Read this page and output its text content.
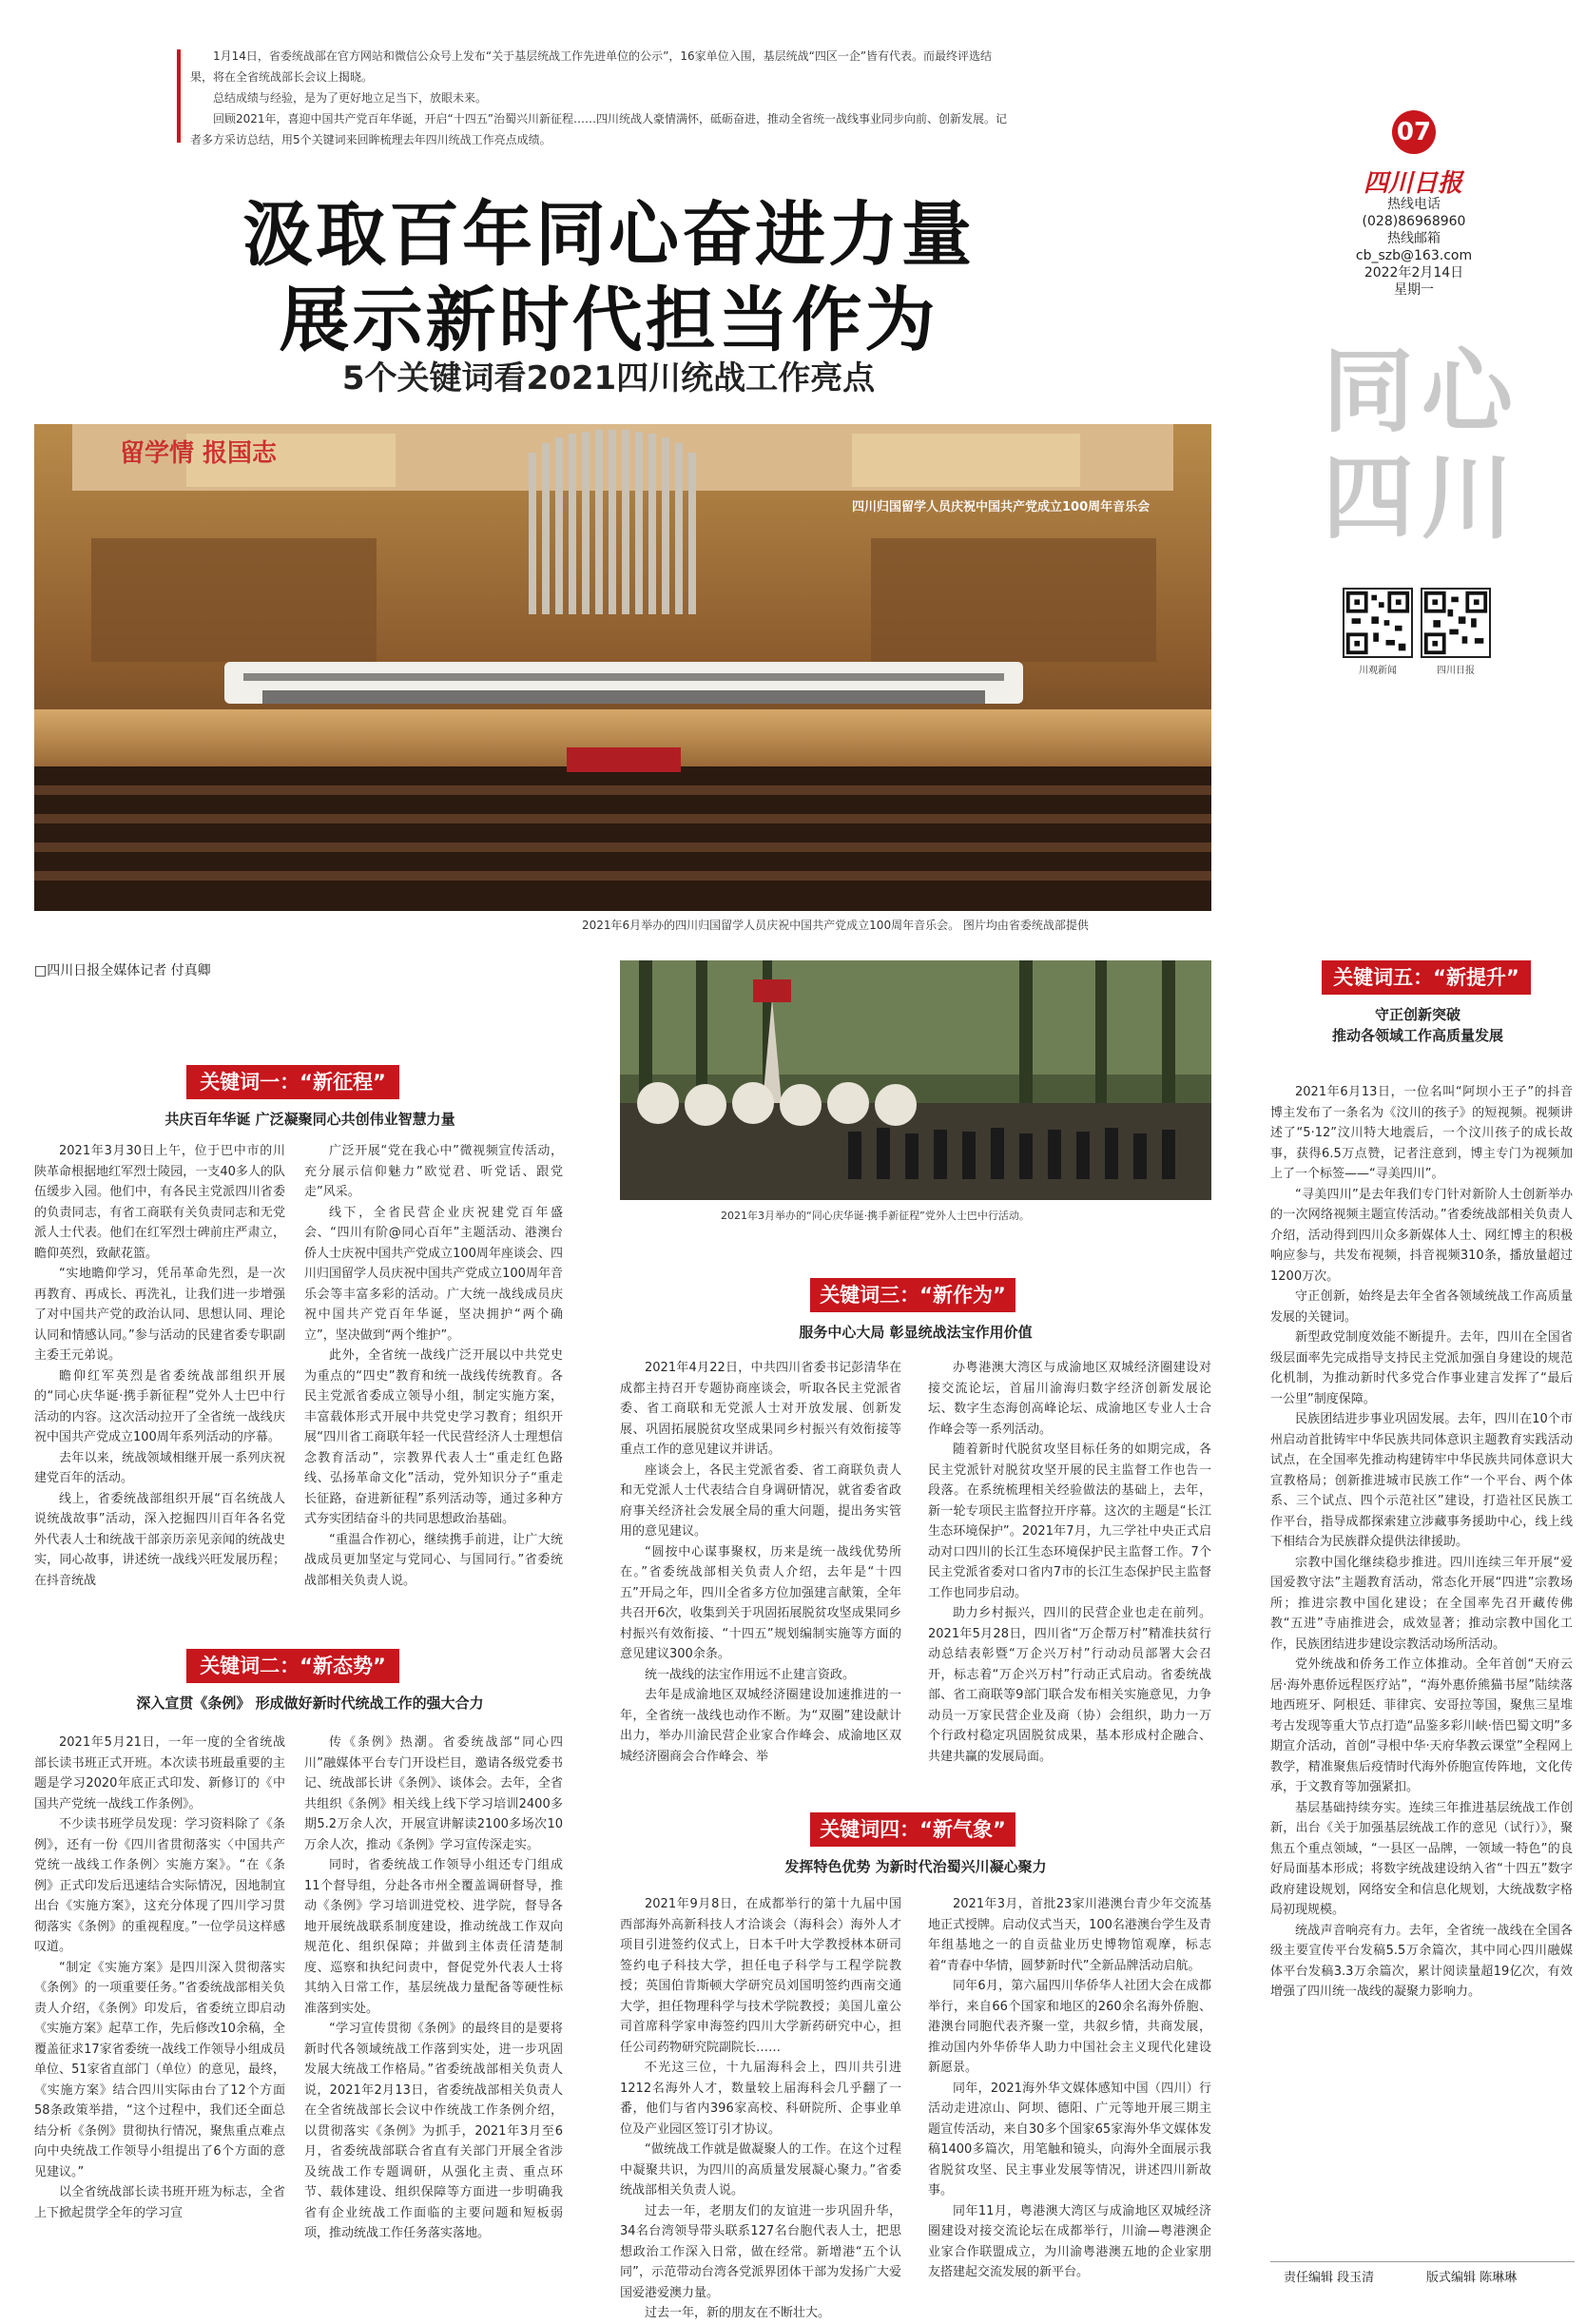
1月14日，省委统战部在官方网站和微信公众号上发布“关于基层统战工作先进单位的公示”，16家单位入围，基层统战“四区一企”皆有代表。而最终评选结果，将在全省统战部长会议上揭晓。

总结成绩与经验，是为了更好地立足当下，放眼未来。

回顾2021年，喜迎中国共产党百年华诞，开启“十四五”治蜀兴川新征程……四川统战人豪情满怀，砥砺奋进，推动全省统一战线事业同步向前、创新发展。记者多方采访总结，用5个关键词来回眸梳理去年四川统战工作亮点成绩。	07
四川日报
热线电话
(028)86968960
热线邮箱
cb_szb@163.com
2022年2月14日
星期一
同心
四川
川观新闻	四川日报
汲取百年同心奋进力量
展示新时代担当作为
5个关键词看2021四川统战工作亮点
留学情 报国志
四川归国留学人员庆祝中国共产党成立100周年音乐会
2021年6月举办的四川归国留学人员庆祝中国共产党成立100周年音乐会。 图片均由省委统战部提供
□四川日报全媒体记者 付真卿
关键词一：“新征程”
共庆百年华诞 广泛凝聚同心共创伟业智慧力量

2021年3月30日上午，位于巴中市的川陕革命根据地红军烈士陵园，一支40多人的队伍缓步入园。他们中，有各民主党派四川省委的负责同志，有省工商联有关负责同志和无党派人士代表。他们在红军烈士碑前庄严肃立，瞻仰英烈，致献花篮。

“实地瞻仰学习，凭吊革命先烈，是一次再教育、再成长、再洗礼，让我们进一步增强了对中国共产党的政治认同、思想认同、理论认同和情感认同。”参与活动的民建省委专职副主委王元弟说。

瞻仰红军英烈是省委统战部组织开展的“同心庆华诞·携手新征程”党外人士巴中行活动的内容。这次活动拉开了全省统一战线庆祝中国共产党成立100周年系列活动的序幕。

去年以来，统战领域相继开展一系列庆祝建党百年的活动。

线上，省委统战部组织开展“百名统战人说统战故事”活动，深入挖掘四川百年各名党外代表人士和统战干部亲历亲见亲闻的统战史实，同心故事，讲述统一战线兴旺发展历程；在抖音统战

广泛开展“党在我心中”微视频宣传活动，充分展示信仰魅力”欧觉君、听党话、跟党走”风采。

线下，全省民营企业庆祝建党百年盛会、“四川有阶@同心百年”主题活动、港澳台侨人士庆祝中国共产党成立100周年座谈会、四川归国留学人员庆祝中国共产党成立100周年音乐会等丰富多彩的活动。广大统一战线成员庆祝中国共产党百年华诞，坚决拥护“两个确立”，坚决做到“两个维护”。

此外，全省统一战线广泛开展以中共党史为重点的“四史”教育和统一战线传统教育。各民主党派省委成立领导小组，制定实施方案，丰富载体形式开展中共党史学习教育；组织开展“四川省工商联年轻一代民营经济人士理想信念教育活动”，宗教界代表人士“重走红色路线、弘扬革命文化”活动，党外知识分子“重走长征路，奋进新征程”系列活动等，通过多种方式夯实团结奋斗的共同思想政治基础。

“重温合作初心，继续携手前进，让广大统战成员更加坚定与党同心、与国同行。”省委统战部相关负责人说。

关键词二：“新态势”
深入宣贯《条例》 形成做好新时代统战工作的强大合力

2021年5月21日，一年一度的全省统战部长读书班正式开班。本次读书班最重要的主题是学习2020年底正式印发、新修订的《中国共产党统一战线工作条例》。

不少读书班学员发现：学习资料除了《条例》，还有一份《四川省贯彻落实〈中国共产党统一战线工作条例〉实施方案》。“在《条例》正式印发后迅速结合实际情况，因地制宜出台《实施方案》，这充分体现了四川学习贯彻落实《条例》的重视程度。”一位学员这样感叹道。

“制定《实施方案》是四川深入贯彻落实《条例》的一项重要任务。”省委统战部相关负责人介绍，《条例》印发后，省委统立即启动《实施方案》起草工作，先后修改10余稿，全覆盖征求17家省委统一战线工作领导小组成员单位、51家省直部门（单位）的意见，最终，《实施方案》结合四川实际由台了12个方面58条政策举措，“这个过程中，我们还全面总结分析《条例》贯彻执行情况，聚焦重点难点向中央统战工作领导小组提出了6个方面的意见建议。”

以全省统战部长读书班开班为标志，全省上下掀起贯学全年的学习宣

传《条例》热潮。省委统战部“同心四川”融媒体平台专门开设栏目，邀请各级党委书记、统战部长讲《条例》、谈体会。去年，全省共组织《条例》相关线上线下学习培训2400多期5.2万余人次，开展宣讲解读2100多场次10万余人次，推动《条例》学习宣传深走实。

同时，省委统战工作领导小组还专门组成11个督导组，分赴各市州全覆盖调研督导，推动《条例》学习培训进党校、进学院，督导各地开展统战联系制度建设，推动统战工作双向规范化、组织保障；并做到主体责任清楚制度、巡察和执纪问责中，督促党外代表人士将其纳入日常工作，基层统战力量配备等硬性标准落到实处。

“学习宣传贯彻《条例》的最终目的是要将新时代各领域统战工作落到实处，进一步巩固发展大统战工作格局。”省委统战部相关负责人说，2021年2月13日，省委统战部相关负责人在全省统战部长会议中作统战工作条例介绍，以贯彻落实《条例》为抓手，2021年3月至6月，省委统战部联合省直有关部门开展全省涉及统战工作专题调研，从强化主责、重点环节、载体建设、组织保障等方面进一步明确我省有企业统战工作面临的主要问题和短板弱项，推动统战工作任务落实落地。

2021年3月举办的“同心庆华诞·携手新征程”党外人士巴中行活动。
关键词三：“新作为”
服务中心大局 彰显统战法宝作用价值

2021年4月22日，中共四川省委书记彭清华在成都主持召开专题协商座谈会，听取各民主党派省委、省工商联和无党派人士对开放发展、创新发展、巩固拓展脱贫攻坚成果同乡村振兴有效衔接等重点工作的意见建议并讲话。

座谈会上，各民主党派省委、省工商联负责人和无党派人士代表结合自身调研情况，就省委省政府事关经济社会发展全局的重大问题，提出务实管用的意见建议。

“圆按中心谋事聚权，历来是统一战线优势所在。”省委统战部相关负责人介绍，去年是“十四五”开局之年，四川全省多方位加强建言献策，全年共召开6次，收集到关于巩固拓展脱贫攻坚成果同乡村振兴有效衔接、“十四五”规划编制实施等方面的意见建议300余条。

统一战线的法宝作用远不止建言资政。

去年是成渝地区双城经济圈建设加速推进的一年，全省统一战线也动作不断。为“双圈”建设献计出力，举办川渝民营企业家合作峰会、成渝地区双城经济圈商会合作峰会、举

办粤港澳大湾区与成渝地区双城经济圈建设对接交流论坛，首届川渝海归数字经济创新发展论坛、数字生态海创高峰论坛、成渝地区专业人士合作峰会等一系列活动。

随着新时代脱贫攻坚目标任务的如期完成，各民主党派针对脱贫攻坚开展的民主监督工作也告一段落。在系统梳理相关经验做法的基础上，去年，新一轮专项民主监督拉开序幕。这次的主题是“长江生态环境保护”。2021年7月，九三学社中央正式启动对口四川的长江生态环境保护民主监督工作。7个民主党派省委对口省内7市的长江生态保护民主监督工作也同步启动。

助力乡村振兴，四川的民营企业也走在前列。2021年5月28日，四川省“万企帮万村”精准扶贫行动总结表彰暨“万企兴万村”行动动员部署大会召开，标志着“万企兴万村”行动正式启动。省委统战部、省工商联等9部门联合发布相关实施意见，力争动员一万家民营企业及商（协）会组织，助力一万个行政村稳定巩固脱贫成果，基本形成村企融合、共建共赢的发展局面。

关键词四：“新气象”
发挥特色优势 为新时代治蜀兴川凝心聚力

2021年9月8日，在成都举行的第十九届中国西部海外高新科技人才洽谈会（海科会）海外人才项目引进签约仪式上，日本千叶大学教授林本研司签约电子科技大学，担任电子科学与工程学院教授；英国伯肯斯顿大学研究员刘国明签约西南交通大学，担任物理科学与技术学院教授；美国儿童公司首席科学家申海签约四川大学新药研究中心，担任公司药物研究院副院长……

不光这三位，十九届海科会上，四川共引进1212名海外人才，数量较上届海科会几乎翻了一番，他们与省内396家高校、科研院所、企事业单位及产业园区签订引才协议。

“做统战工作就是做凝聚人的工作。在这个过程中凝聚共识，为四川的高质量发展凝心聚力。”省委统战部相关负责人说。

过去一年，老朋友们的友谊进一步巩固升华，34名台湾领导带头联系127名台胞代表人士，把思想政治工作深入日常，做在经常。新增港“五个认同”，示范带动台湾各党派界团体干部为发扬广大爱国爱港爱澳力量。

过去一年，新的朋友在不断壮大。

2021年3月，首批23家川港澳台青少年交流基地正式授牌。启动仪式当天，100名港澳台学生及青年组基地之一的自贡盐业历史博物馆观摩，标志着“青春中华情，圆梦新时代”全新品牌活动启航。

同年6月，第六届四川华侨华人社团大会在成都举行，来自66个国家和地区的260余名海外侨胞、港澳台同胞代表齐聚一堂，共叙乡情，共商发展，推动国内外华侨华人助力中国社会主义现代化建设新愿景。

同年，2021海外华文媒体感知中国（四川）行活动走进凉山、阿坝、德阳、广元等地开展三期主题宣传活动，来自30多个国家65家海外华文媒体发稿1400多篇次，用笔触和镜头，向海外全面展示我省脱贫攻坚、民主事业发展等情况，讲述四川新故事。

同年11月，粤港澳大湾区与成渝地区双城经济圈建设对接交流论坛在成都举行，川渝—粤港澳企业家合作联盟成立，为川渝粤港澳五地的企业家朋友搭建起交流发展的新平台。

关键词五：“新提升”
守正创新突破
推动各领域工作高质量发展

2021年6月13日，一位名叫“阿坝小王子”的抖音博主发布了一条名为《汶川的孩子》的短视频。视频讲述了“5·12”汶川特大地震后，一个汶川孩子的成长故事，获得6.5万点赞，记者注意到，博主专门为视频加上了一个标签——“寻美四川”。

“寻美四川”是去年我们专门针对新阶人士创新举办的一次网络视频主题宣传活动。”省委统战部相关负责人介绍，活动得到四川众多新媒体人士、网红博主的积极响应参与，共发布视频，抖音视频310条，播放量超过1200万次。

守正创新，始终是去年全省各领域统战工作高质量发展的关键词。

新型政党制度效能不断提升。去年，四川在全国省级层面率先完成指导支持民主党派加强自身建设的规范化机制，为推动新时代多党合作事业建言发挥了“最后一公里”制度保障。

民族团结进步事业巩固发展。去年，四川在10个市州启动首批铸牢中华民族共同体意识主题教育实践活动试点，在全国率先推动构建铸牢中华民族共同体意识大宣教格局；创新推进城市民族工作“一个平台、两个体系、三个试点、四个示范社区”建设，打造社区民族工作平台，指导成都探索建立涉藏事务援助中心，线上线下相结合为民族群众提供法律援助。

宗教中国化继续稳步推进。四川连续三年开展“爱国爱教守法”主题教育活动，常态化开展“四进”宗教场所；推进宗教中国化建设；在全国率先召开藏传佛教“五进”寺庙推进会，成效显著；推动宗教中国化工作，民族团结进步建设宗教活动场所活动。

党外统战和侨务工作立体推动。全年首创“天府云居·海外惠侨远程医疗站”，“海外惠侨熊猫书屋”陆续落地西班牙、阿根廷、菲律宾、安哥拉等国，聚焦三星堆考古发现等重大节点打造“品鉴多彩川峡·悟巴蜀文明”多期宣介活动，首创“寻根中华·天府华教云课堂”全程网上教学，精准聚焦后疫情时代海外侨胞宣传阵地，文化传承，于文教育等加强紧扣。

基层基础持续夯实。连续三年推进基层统战工作创新，出台《关于加强基层统战工作的意见（试行）》，聚焦五个重点领域，“一县区一品牌，一领域一特色”的良好局面基本形成；将数字统战建设纳入省“十四五”数字政府建设规划，网络安全和信息化规划，大统战数字格局初现规模。

统战声音响亮有力。去年，全省统一战线在全国各级主要宣传平台发稿5.5万余篇次，其中同心四川融媒体平台发稿3.3万余篇次，累计阅读量超19亿次，有效增强了四川统一战线的凝聚力影响力。

责任编辑 段玉清	版式编辑 陈琳琳
